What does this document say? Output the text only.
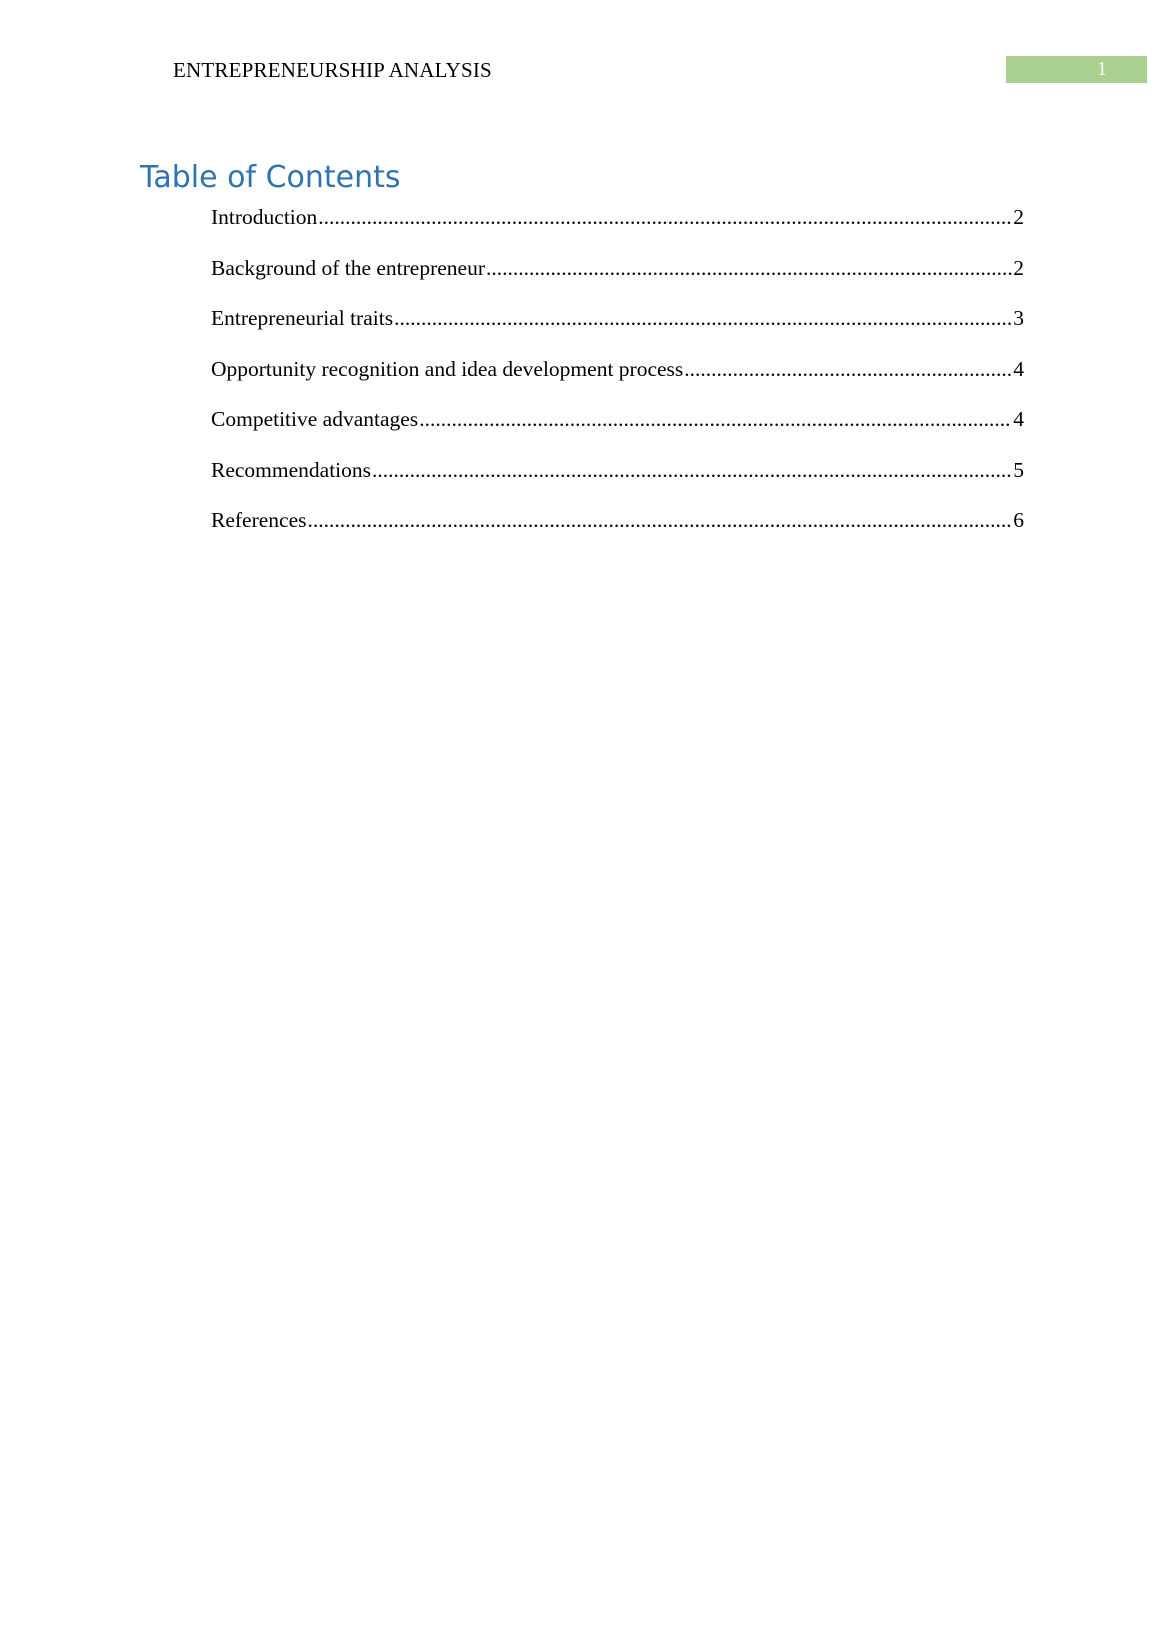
ENTREPRENEURSHIP ANALYSIS	1
Table of Contents
Introduction .....	2
Background of the entrepreneur .....	2
Entrepreneurial traits .....	3
Opportunity recognition and idea development process .....	4
Competitive advantages .....	4
Recommendations .....	5
References .....	6
